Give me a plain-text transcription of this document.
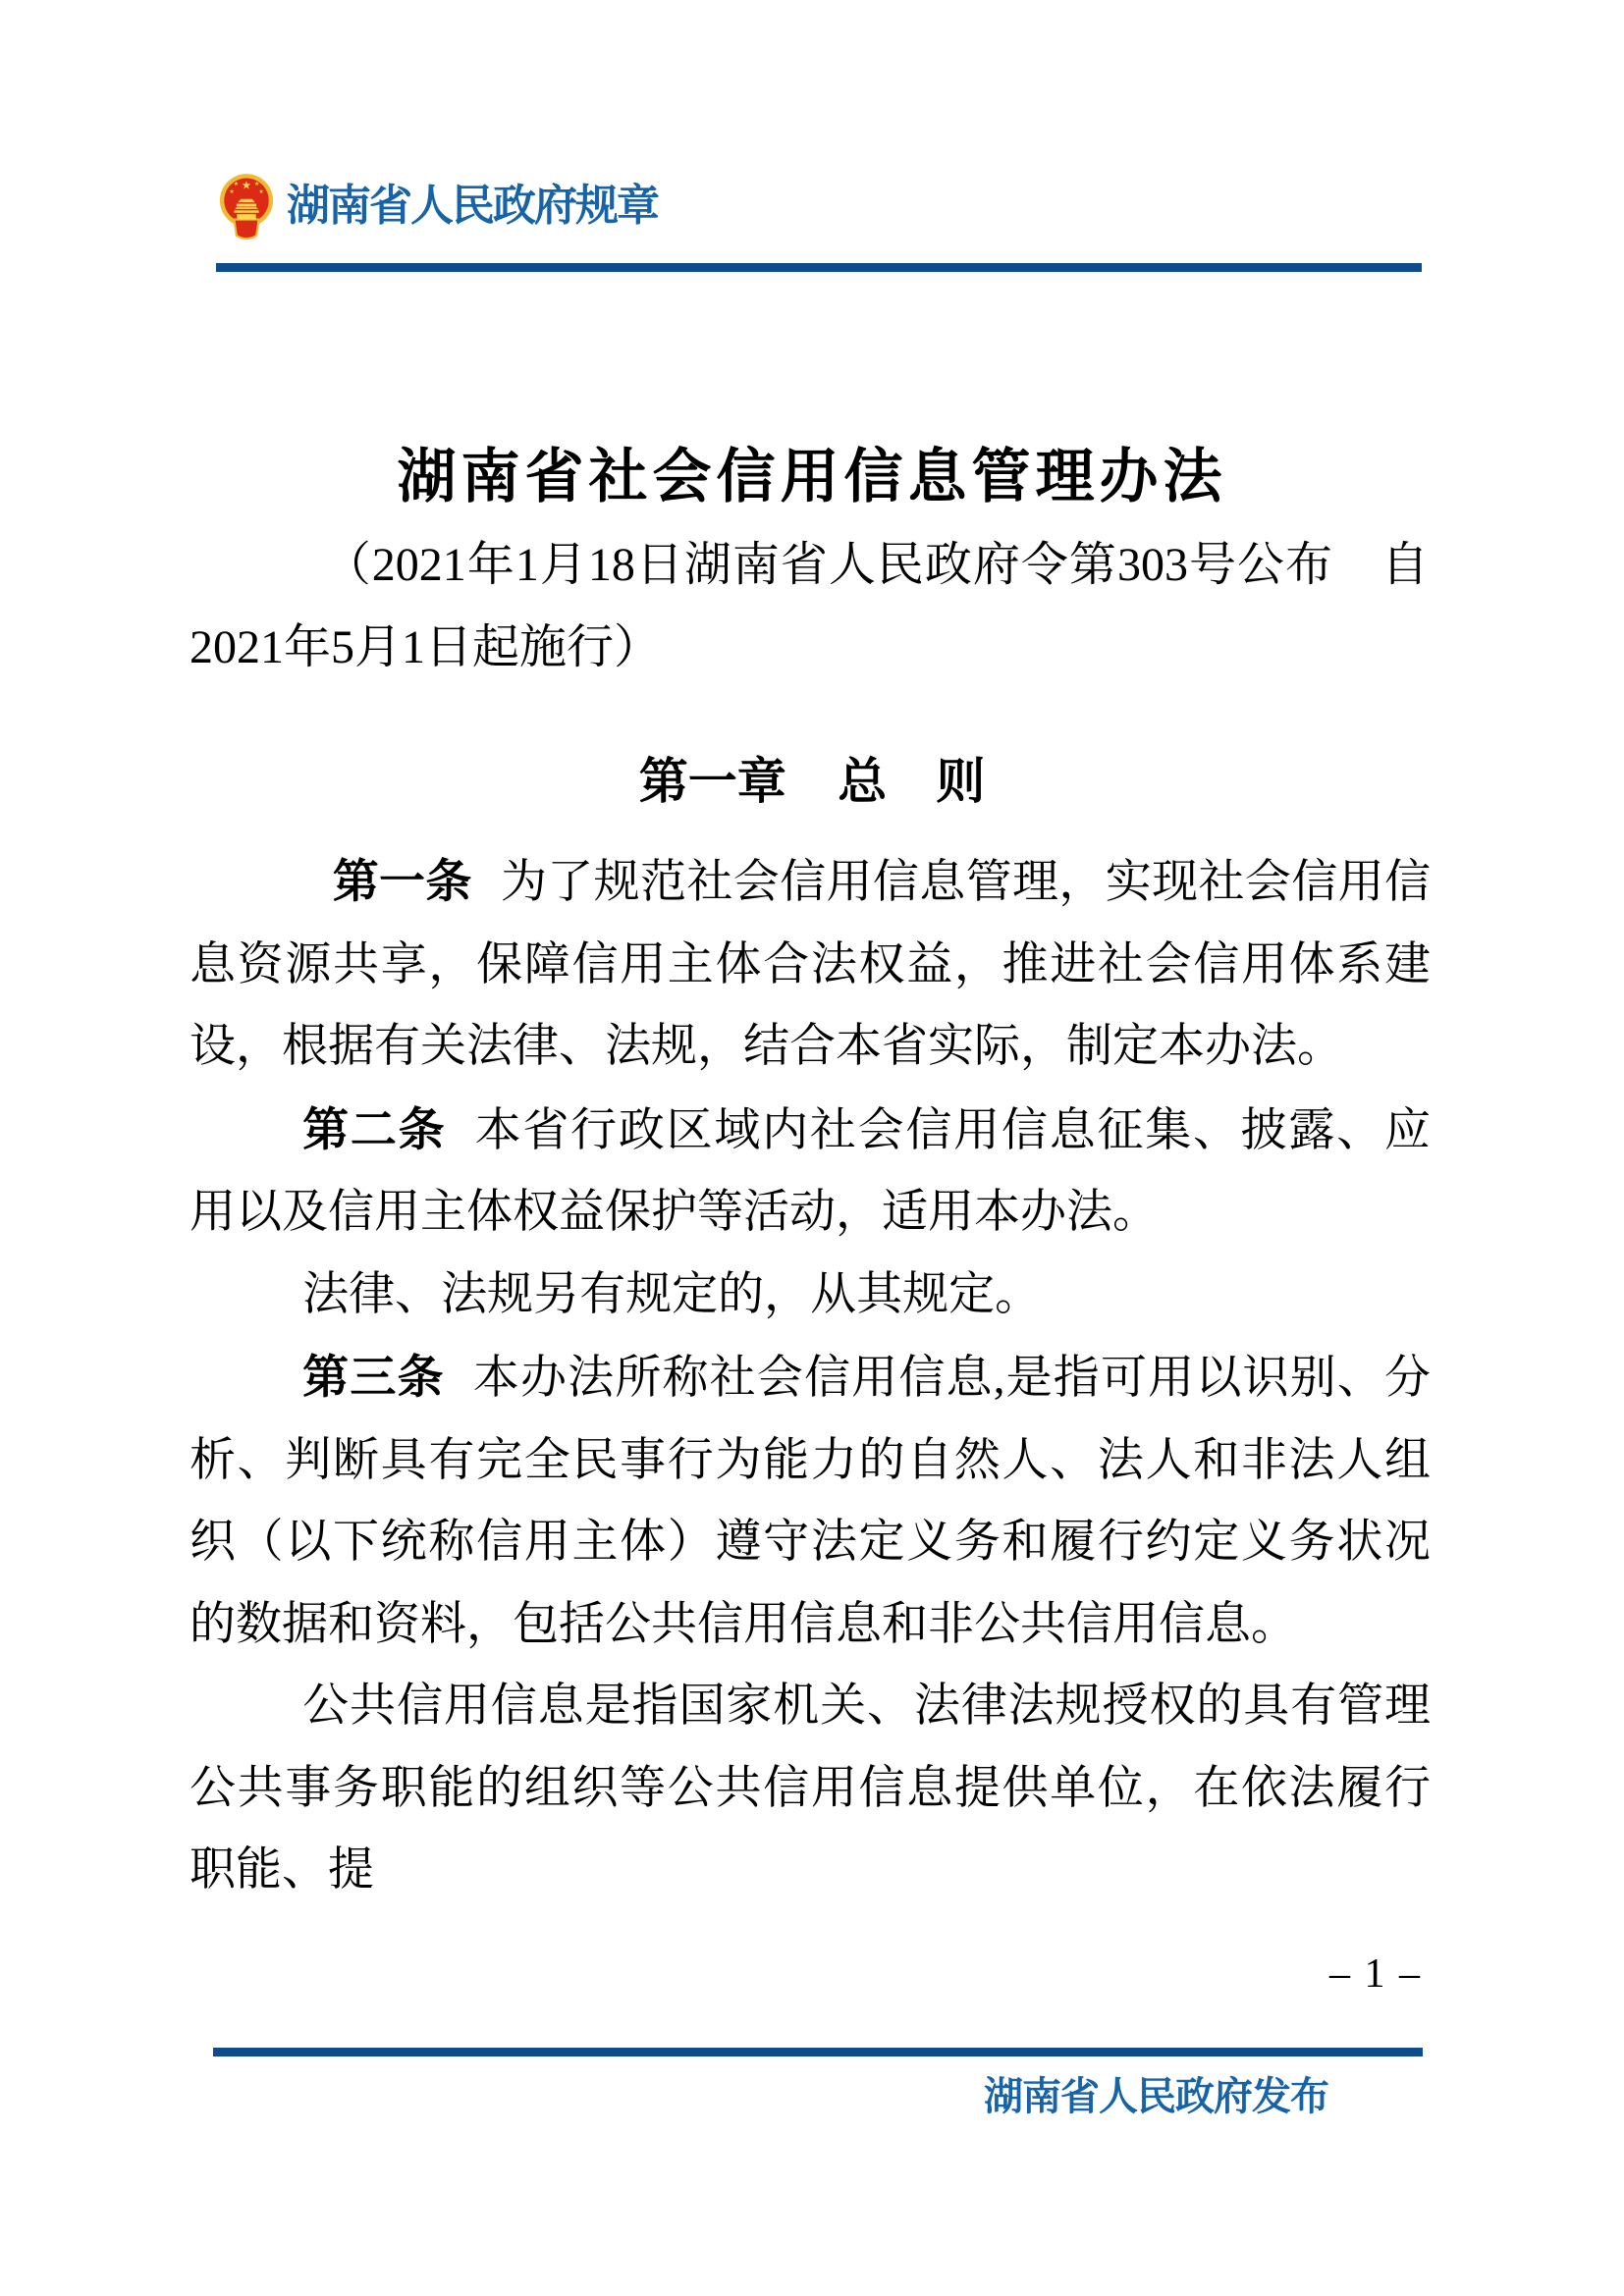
★
★	★
★	★ 湖南省人民政府规章
湖南省社会信用信息管理办法
（2021年1月18日湖南省人民政府令第303号公布　自2021年5月1日起施行）
第一章 总　则

第一条 为了规范社会信用信息管理，实现社会信用信息资源共享，保障信用主体合法权益，推进社会信用体系建设，根据有关法律、法规，结合本省实际，制定本办法。

第二条 本省行政区域内社会信用信息征集、披露、应用以及信用主体权益保护等活动，适用本办法。

法律、法规另有规定的，从其规定。

第三条 本办法所称社会信用信息,是指可用以识别、分析、判断具有完全民事行为能力的自然人、法人和非法人组织（以下统称信用主体）遵守法定义务和履行约定义务状况的数据和资料，包括公共信用信息和非公共信用信息。

公共信用信息是指国家机关、法律法规授权的具有管理公共事务职能的组织等公共信用信息提供单位，在依法履行职能、提

– 1 –
湖南省人民政府发布
